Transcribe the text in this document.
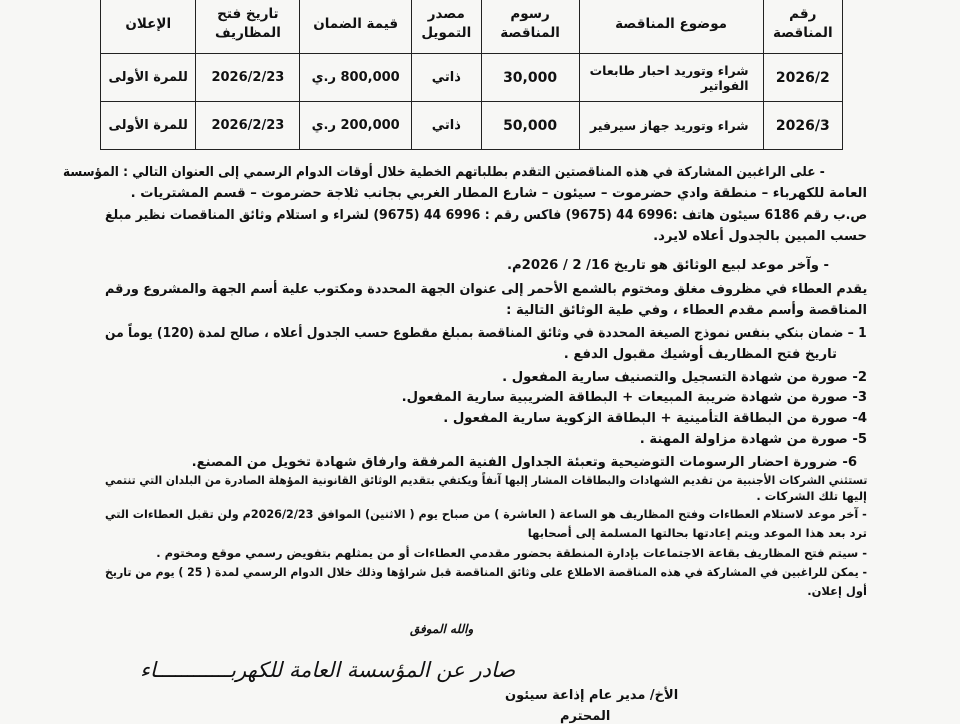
رقم المناقصة	موضوع المناقصة	رسوم المناقصة	مصدر التمويل	قيمة الضمان	تاريخ فتح المظاريف	الإعلان
2026/2	شراء وتوريد احبار طابعات الفواتير	30,000	ذاتي	800,000 ر.ي	2026/2/23	للمرة الأولى
2026/3	شراء وتوريد جهاز سيرفير	50,000	ذاتي	200,000 ر.ي	2026/2/23	للمرة الأولى
- على الراغبين المشاركة في هذه المناقصتين التقدم بطلباتهم الخطية خلال أوقات الدوام الرسمي إلى العنوان التالي : المؤسسة
العامة للكهرباء – منطقة وادي حضرموت – سيئون – شارع المطار الغربي بجانب ثلاجة حضرموت – قسم المشتريات .
ص.ب رقم 6186 سيئون هاتف :6996 44 (9675) فاكس رقم : 6996 44 (9675) لشراء و استلام وثائق المناقصات نظير مبلغ
حسب المبين بالجدول أعلاه لايرد.
- وآخر موعد لبيع الوثائق هو تاريخ 16/ 2 / 2026م.
يقدم العطاء في مظروف مغلق ومختوم بالشمع الأحمر إلى عنوان الجهة المحددة ومكتوب علية أسم الجهة والمشروع ورقم
المناقصة وأسم مقدم العطاء ، وفي طية الوثائق التالية :
1 – ضمان بنكي بنفس نموذج الصيغة المحددة في وثائق المناقصة بمبلغ مقطوع حسب الجدول أعلاه ، صالح لمدة (120) يوماً من
تاريخ فتح المظاريف أوشيك مقبول الدفع .
2- صورة من شهادة التسجيل والتصنيف سارية المفعول .
3- صورة من شهادة ضريبة المبيعات + البطاقة الضريبية سارية المفعول.
4- صورة من البطاقة التأمينية + البطاقة الزكوية سارية المفعول .
5- صورة من شهادة مزاولة المهنة .
6- ضرورة احضار الرسومات التوضيحية وتعبئة الجداول الفنية المرفقة وارفاق شهادة تخويل من المصنع.
تستثني الشركات الأجنبية من تقديم الشهادات والبطاقات المشار إليها آنفاً ويكتفي بتقديم الوثائق القانونية المؤهلة الصادرة من البلدان التي تنتمي
إليها تلك الشركات .
- آخر موعد لاستلام العطاءات وفتح المظاريف هو الساعة ( العاشرة ) من صباح يوم ( الاثنين) الموافق 2026/2/23م ولن تقبل العطاءات التي
ترد بعد هذا الموعد ويتم إعادتها بحالتها المسلمة إلى أصحابها
- سيتم فتح المظاريف بقاعة الاجتماعات بإدارة المنطقة بحضور مقدمي العطاءات أو من يمثلهم بتفويض رسمي موقع ومختوم .
- يمكن للراغبين في المشاركة في هذه المناقصة الاطلاع على وثائق المناقصة قبل شراؤها وذلك خلال الدوام الرسمي لمدة ( 25 ) يوم من تاريخ
أول إعلان.
والله الموفق
صادر عن المؤسسة العامة للكهربــــــــــــاء
الأخ/ مدير عام إذاعة سيئون
المحترم
